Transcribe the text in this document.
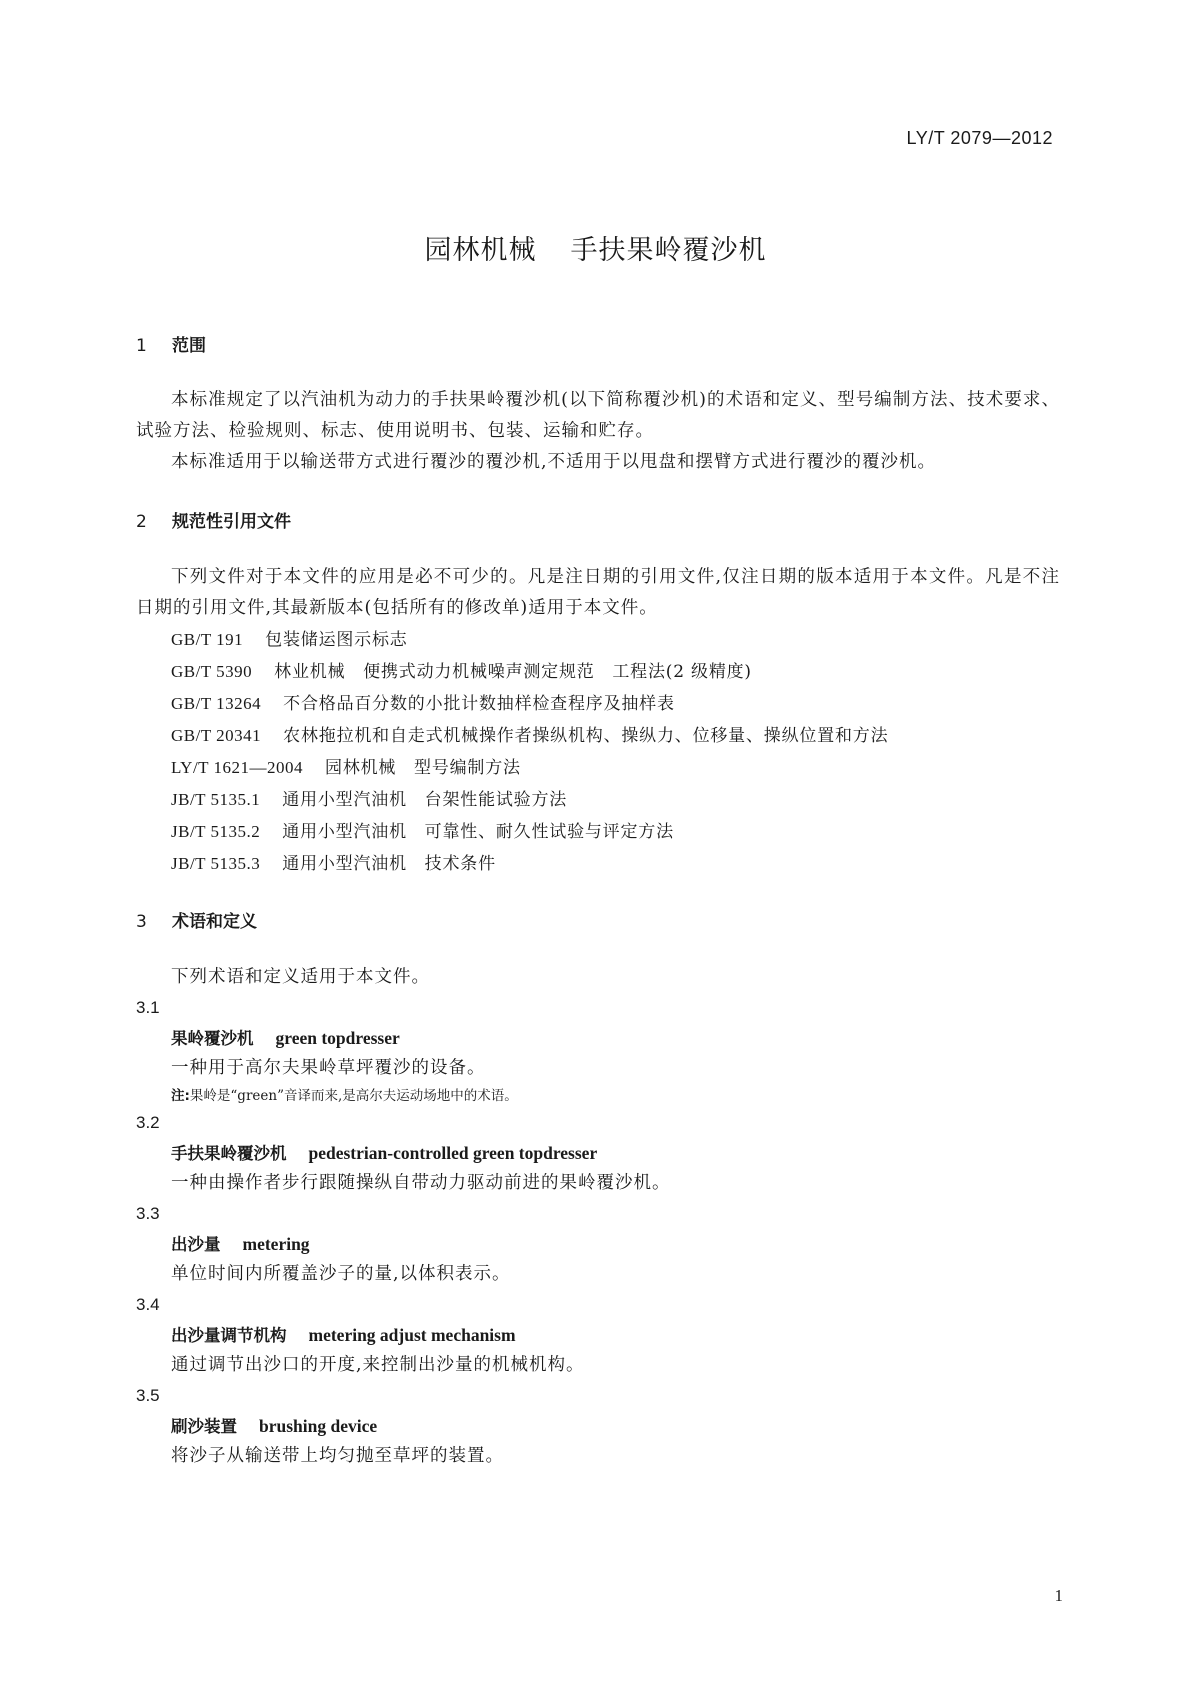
LY/T 2079—2012
园林机械 手扶果岭覆沙机
1	范围
本标准规定了以汽油机为动力的手扶果岭覆沙机(以下简称覆沙机)的术语和定义、型号编制方法、技术要求、试验方法、检验规则、标志、使用说明书、包装、运输和贮存。
本标准适用于以输送带方式进行覆沙的覆沙机,不适用于以甩盘和摆臂方式进行覆沙的覆沙机。
2	规范性引用文件
下列文件对于本文件的应用是必不可少的。凡是注日期的引用文件,仅注日期的版本适用于本文件。凡是不注日期的引用文件,其最新版本(包括所有的修改单)适用于本文件。
GB/T 191 包装储运图示标志
GB/T 5390 林业机械　便携式动力机械噪声测定规范　工程法(2 级精度)
GB/T 13264 不合格品百分数的小批计数抽样检查程序及抽样表
GB/T 20341 农林拖拉机和自走式机械操作者操纵机构、操纵力、位移量、操纵位置和方法
LY/T 1621—2004 园林机械　型号编制方法
JB/T 5135.1 通用小型汽油机　台架性能试验方法
JB/T 5135.2 通用小型汽油机　可靠性、耐久性试验与评定方法
JB/T 5135.3 通用小型汽油机　技术条件
3	术语和定义
下列术语和定义适用于本文件。
3.1
果岭覆沙机 green topdresser
一种用于高尔夫果岭草坪覆沙的设备。
注:果岭是“green”音译而来,是高尔夫运动场地中的术语。
3.2
手扶果岭覆沙机 pedestrian-controlled green topdresser
一种由操作者步行跟随操纵自带动力驱动前进的果岭覆沙机。
3.3
出沙量 metering
单位时间内所覆盖沙子的量,以体积表示。
3.4
出沙量调节机构 metering adjust mechanism
通过调节出沙口的开度,来控制出沙量的机械机构。
3.5
刷沙装置 brushing device
将沙子从输送带上均匀抛至草坪的装置。
1
